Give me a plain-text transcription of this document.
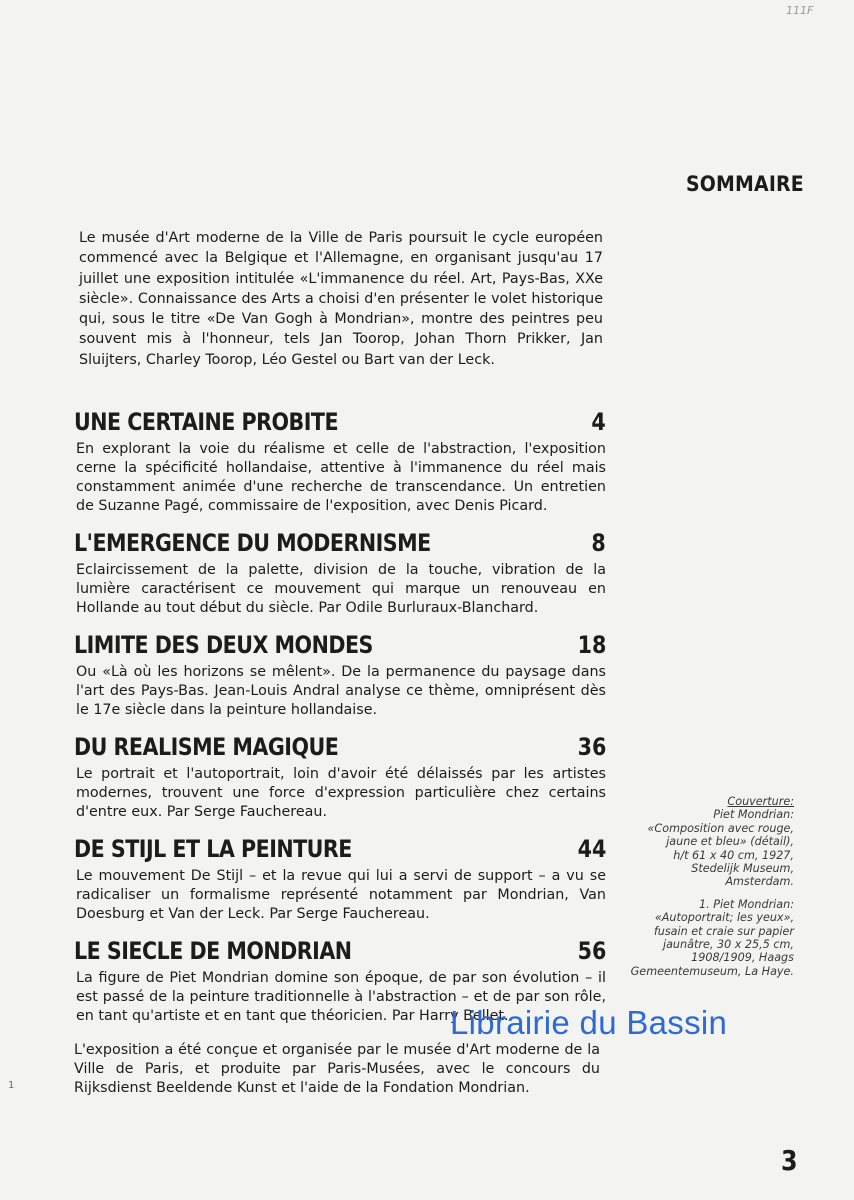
111F
SOMMAIRE
Le musée d'Art moderne de la Ville de Paris poursuit le cycle européen commencé avec la Belgique et l'Allemagne, en organisant jusqu'au 17 juillet une exposition intitulée «L'immanence du réel. Art, Pays-Bas, XXe siècle». Connaissance des Arts a choisi d'en présenter le volet historique qui, sous le titre «De Van Gogh à Mondrian», montre des peintres peu souvent mis à l'honneur, tels Jan Toorop, Johan Thorn Prikker, Jan Sluijters, Charley Toorop, Léo Gestel ou Bart van der Leck.
UNE CERTAINE PROBITE	4
En explorant la voie du réalisme et celle de l'abstraction, l'exposition cerne la spécificité hollandaise, attentive à l'immanence du réel mais constamment animée d'une recherche de transcendance. Un entretien de Suzanne Pagé, commissaire de l'exposition, avec Denis Picard.
L'EMERGENCE DU MODERNISME	8
Eclaircissement de la palette, division de la touche, vibration de la lumière caractérisent ce mouvement qui marque un renouveau en Hollande au tout début du siècle. Par Odile Burluraux-Blanchard.
LIMITE DES DEUX MONDES	18
Ou «Là où les horizons se mêlent». De la permanence du paysage dans l'art des Pays-Bas. Jean-Louis Andral analyse ce thème, omniprésent dès le 17e siècle dans la peinture hollandaise.
DU REALISME MAGIQUE	36
Le portrait et l'autoportrait, loin d'avoir été délaissés par les artistes modernes, trouvent une force d'expression particulière chez certains d'entre eux. Par Serge Fauchereau.
DE STIJL ET LA PEINTURE	44
Le mouvement De Stijl – et la revue qui lui a servi de support – a vu se radicaliser un formalisme représenté notamment par Mondrian, Van Doesburg et Van der Leck. Par Serge Fauchereau.
LE SIECLE DE MONDRIAN	56
La figure de Piet Mondrian domine son époque, de par son évolution – il est passé de la peinture traditionnelle à l'abstraction – et de par son rôle, en tant qu'artiste et en tant que théoricien. Par Harry Bellet.
L'exposition a été conçue et organisée par le musée d'Art moderne de la Ville de Paris, et produite par Paris-Musées, avec le concours du Rijksdienst Beeldende Kunst et l'aide de la Fondation Mondrian.

Couverture:

Piet Mondrian:

«Composition avec rouge,

jaune et bleu» (détail),

h/t 61 x 40 cm, 1927,

Stedelijk Museum,

Amsterdam.

1. Piet Mondrian:

«Autoportrait; les yeux»,

fusain et craie sur papier

jaunâtre, 30 x 25,5 cm,

1908/1909, Haags

Gemeentemuseum, La Haye.

Librairie du Bassin
1
3
